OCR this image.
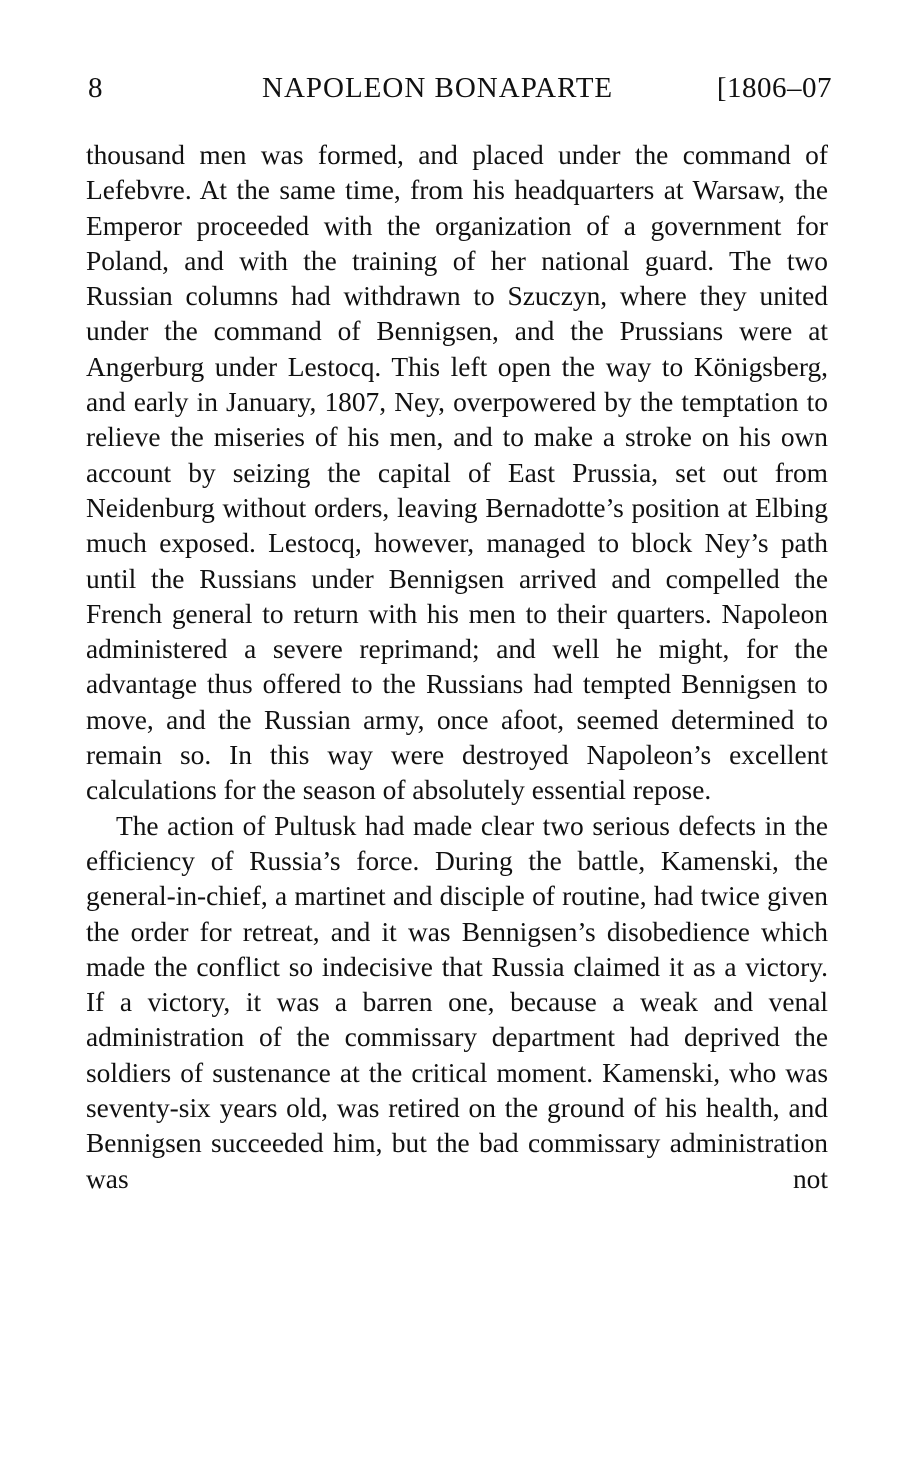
8	NAPOLEON BONAPARTE	[1806–07

thousand men was formed, and placed under the command of Lefebvre. At the same time, from his headquarters at Warsaw, the Emperor proceeded with the organization of a government for Poland, and with the training of her national guard. The two Russian columns had withdrawn to Szuczyn, where they united under the command of Bennigsen, and the Prussians were at Angerburg under Lestocq. This left open the way to Königsberg, and early in January, 1807, Ney, overpowered by the temptation to relieve the miseries of his men, and to make a stroke on his own account by seizing the capital of East Prussia, set out from Neidenburg without orders, leaving Bernadotte’s position at Elbing much exposed. Lestocq, however, managed to block Ney’s path until the Russians under Bennigsen arrived and compelled the French general to return with his men to their quarters. Napoleon administered a severe reprimand; and well he might, for the advantage thus offered to the Russians had tempted Bennigsen to move, and the Russian army, once afoot, seemed determined to remain so. In this way were destroyed Napoleon’s excellent calculations for the season of absolutely essential repose.

The action of Pultusk had made clear two serious defects in the efficiency of Russia’s force. During the battle, Kamenski, the general-in-chief, a martinet and disciple of routine, had twice given the order for retreat, and it was Bennigsen’s disobedience which made the conflict so indecisive that Russia claimed it as a victory. If a victory, it was a barren one, because a weak and venal administration of the commissary department had deprived the soldiers of sustenance at the critical moment. Kamenski, who was seventy-six years old, was retired on the ground of his health, and Bennigsen succeeded him, but the bad commissary administration was not
